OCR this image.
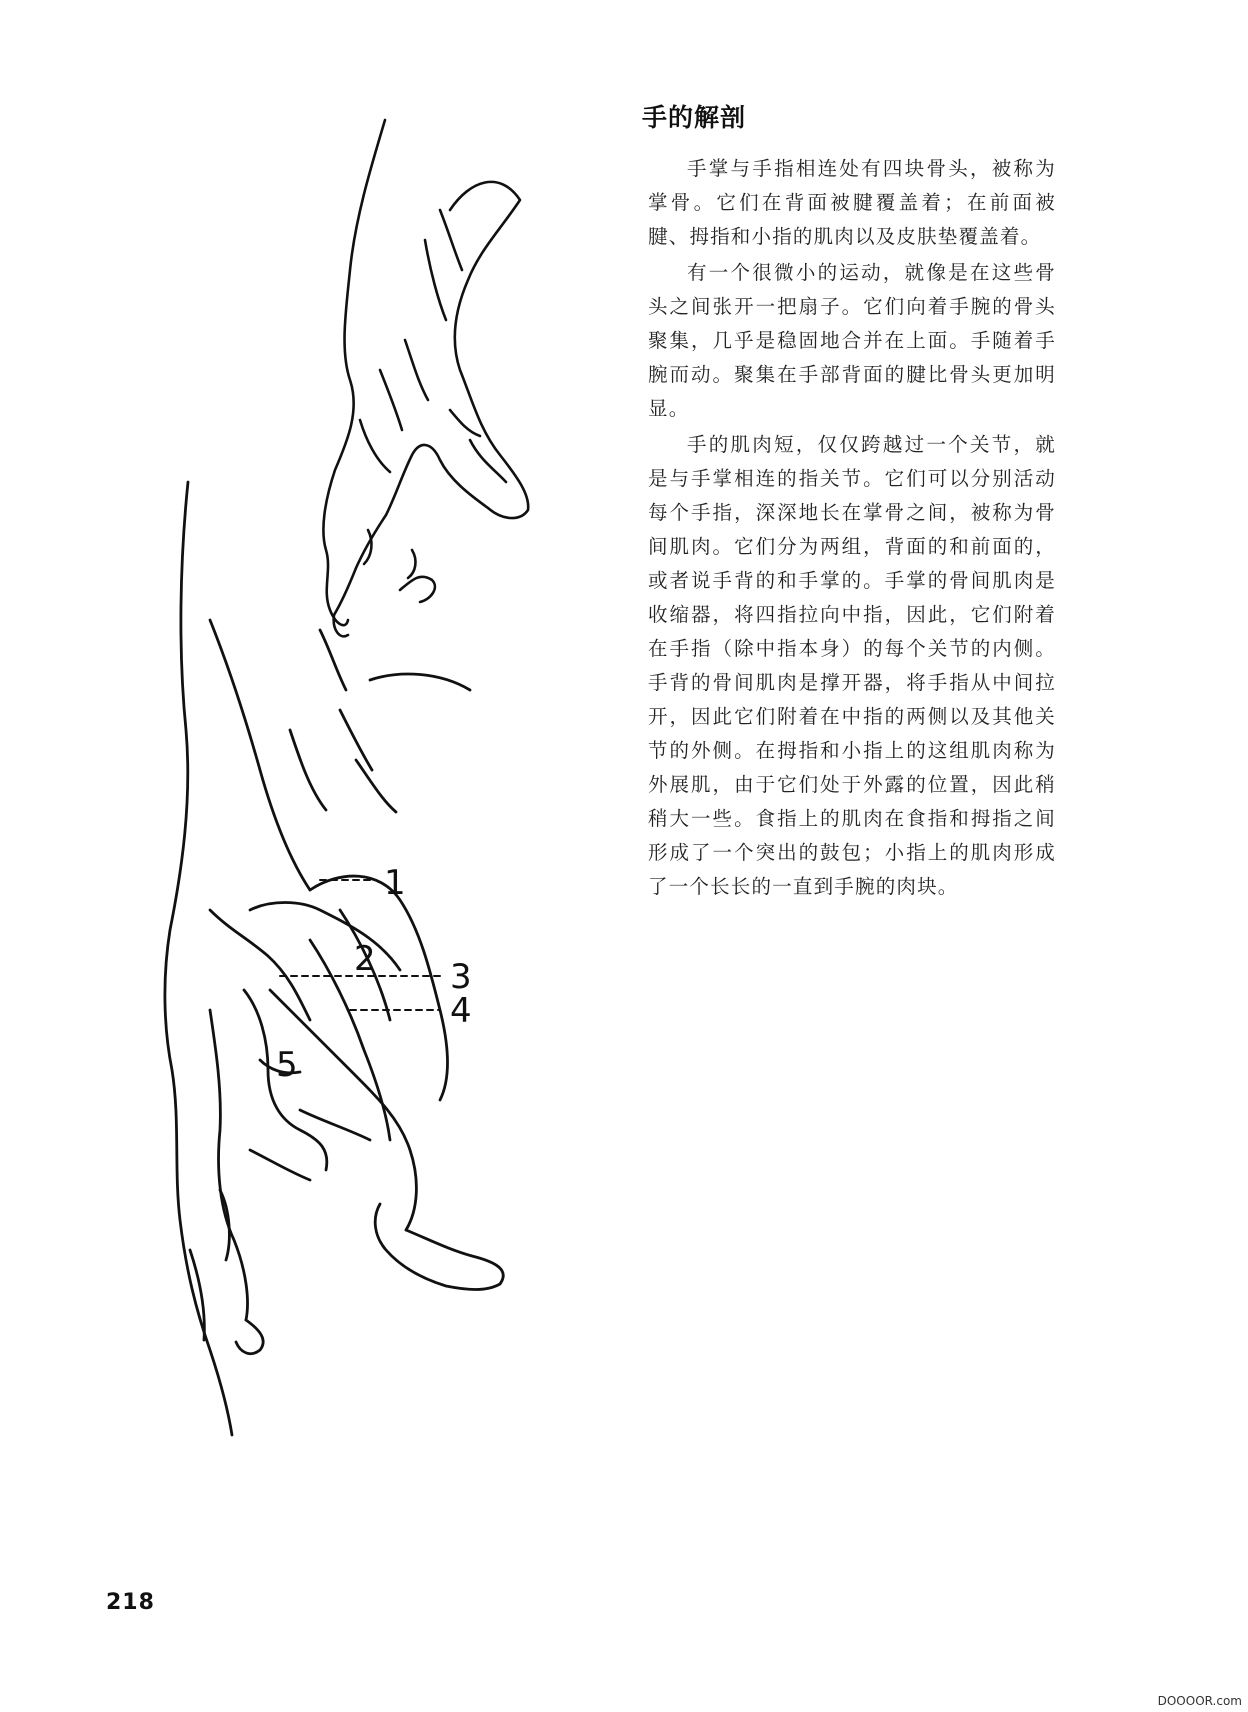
1
2 3
4
5
手的解剖

手掌与手指相连处有四块骨头，被称为掌骨。它们在背面被腱覆盖着；在前面被腱、拇指和小指的肌肉以及皮肤垫覆盖着。

有一个很微小的运动，就像是在这些骨头之间张开一把扇子。它们向着手腕的骨头聚集，几乎是稳固地合并在上面。手随着手腕而动。聚集在手部背面的腱比骨头更加明显。

手的肌肉短，仅仅跨越过一个关节，就是与手掌相连的指关节。它们可以分别活动每个手指，深深地长在掌骨之间，被称为骨间肌肉。它们分为两组，背面的和前面的，或者说手背的和手掌的。手掌的骨间肌肉是收缩器，将四指拉向中指，因此，它们附着在手指（除中指本身）的每个关节的内侧。手背的骨间肌肉是撑开器，将手指从中间拉开，因此它们附着在中指的两侧以及其他关节的外侧。在拇指和小指上的这组肌肉称为外展肌，由于它们处于外露的位置，因此稍稍大一些。食指上的肌肉在食指和拇指之间形成了一个突出的鼓包；小指上的肌肉形成了一个长长的一直到手腕的肉块。

218
DOOOOR.com
